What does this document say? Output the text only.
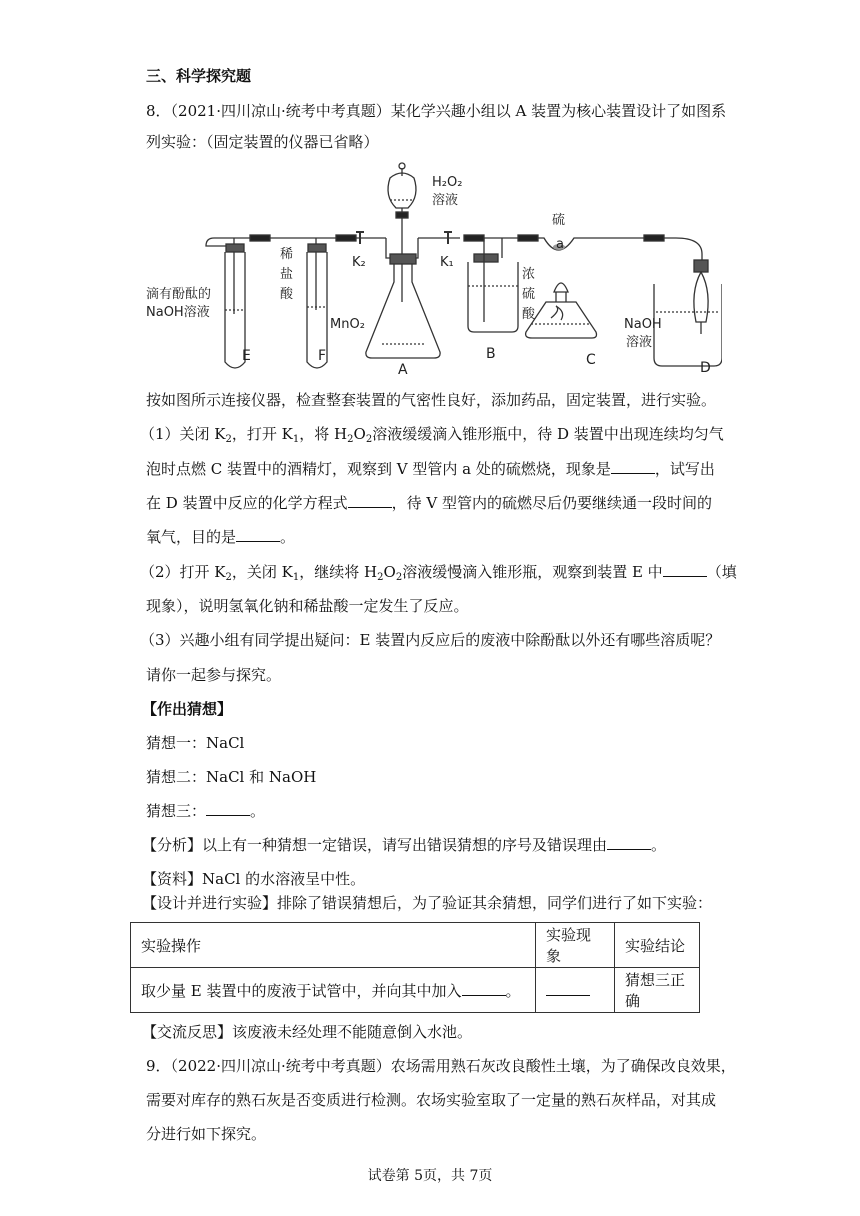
三、科学探究题
8．（2021·四川凉山·统考中考真题）某化学兴趣小组以 A 装置为核心装置设计了如图系
列实验：（固定装置的仪器已省略）
H₂O₂
溶液
K₂	K₁
硫
a
滴有酚酞的
NaOH溶液
稀
盐
酸
MnO₂
浓
硫
酸
NaOH
溶液
E	F
A
B	C	D
按如图所示连接仪器，检查整套装置的气密性良好，添加药品，固定装置，进行实验。
（1）关闭 $K_2$，打开 $K_1$，将 $H_2O_2$溶液缓缓滴入锥形瓶中，待 D 装置中出现连续均匀气
泡时点燃 C 装置中的酒精灯，观察到 V 型管内 a 处的硫燃烧，现象是	，试写出
在 D 装置中反应的化学方程式	，待 V 型管内的硫燃尽后仍要继续通一段时间的
氧气，目的是	。
（2）打开 $K_2$，关闭 $K_1$，继续将 $H_2O_2$溶液缓慢滴入锥形瓶，观察到装置 E 中	（填
现象），说明氢氧化钠和稀盐酸一定发生了反应。
（3）兴趣小组有同学提出疑问：E 装置内反应后的废液中除酚酞以外还有哪些溶质呢？
请你一起参与探究。
【作出猜想】
猜想一：NaCl
猜想二：NaCl 和 NaOH
猜想三：	。
【分析】以上有一种猜想一定错误，请写出错误猜想的序号及错误理由	。
【资料】NaCl 的水溶液呈中性。
【设计并进行实验】排除了错误猜想后，为了验证其余猜想，同学们进行了如下实验：
实验操作	实验现象	实验结论
取少量 E 装置中的废液于试管中，并向其中加入 。		猜想三正确
【交流反思】该废液未经处理不能随意倒入水池。
9．（2022·四川凉山·统考中考真题）农场需用熟石灰改良酸性土壤，为了确保改良效果，
需要对库存的熟石灰是否变质进行检测。农场实验室取了一定量的熟石灰样品，对其成
分进行如下探究。
试卷第 5页，共 7页
